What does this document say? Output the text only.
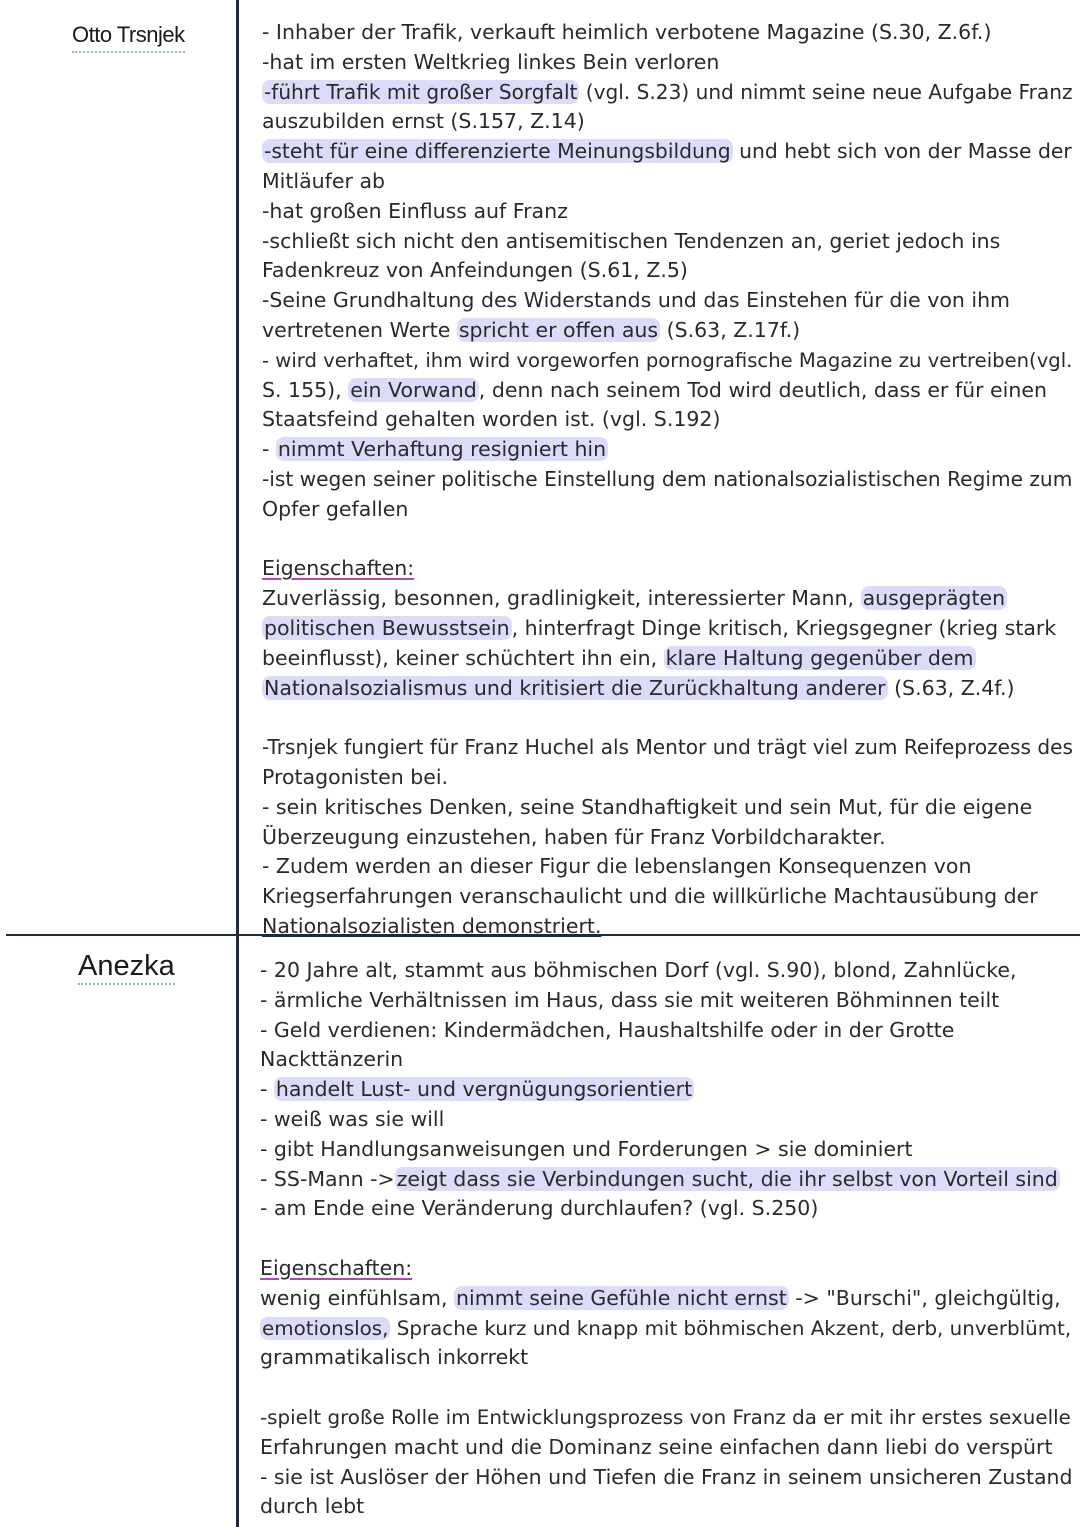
Otto Trsnjek
Anezka
- Inhaber der Trafik, verkauft heimlich verbotene Magazine (S.30, Z.6f.)
-hat im ersten Weltkrieg linkes Bein verloren
-führt Trafik mit großer Sorgfalt (vgl. S.23) und nimmt seine neue Aufgabe Franz
auszubilden ernst (S.157, Z.14)
-steht für eine differenzierte Meinungsbildung und hebt sich von der Masse der
Mitläufer ab
-hat großen Einfluss auf Franz
-schließt sich nicht den antisemitischen Tendenzen an, geriet jedoch ins
Fadenkreuz von Anfeindungen (S.61, Z.5)
-Seine Grundhaltung des Widerstands und das Einstehen für die von ihm
vertretenen Werte spricht er offen aus (S.63, Z.17f.)
- wird verhaftet, ihm wird vorgeworfen pornografische Magazine zu vertreiben(vgl.
S. 155), ein Vorwand, denn nach seinem Tod wird deutlich, dass er für einen
Staatsfeind gehalten worden ist. (vgl. S.192)
- nimmt Verhaftung resigniert hin
-ist wegen seiner politische Einstellung dem nationalsozialistischen Regime zum
Opfer gefallen
Eigenschaften:
Zuverlässig, besonnen, gradlinigkeit, interessierter Mann, ausgeprägten
politischen Bewusstsein, hinterfragt Dinge kritisch, Kriegsgegner (krieg stark
beeinflusst), keiner schüchtert ihn ein, klare Haltung gegenüber dem
Nationalsozialismus und kritisiert die Zurückhaltung anderer (S.63, Z.4f.)
-Trsnjek fungiert für Franz Huchel als Mentor und trägt viel zum Reifeprozess des
Protagonisten bei.
- sein kritisches Denken, seine Standhaftigkeit und sein Mut, für die eigene
Überzeugung einzustehen, haben für Franz Vorbildcharakter.
- Zudem werden an dieser Figur die lebenslangen Konsequenzen von
Kriegserfahrungen veranschaulicht und die willkürliche Machtausübung der
Nationalsozialisten demonstriert.
- 20 Jahre alt, stammt aus böhmischen Dorf (vgl. S.90), blond, Zahnlücke,
- ärmliche Verhältnissen im Haus, dass sie mit weiteren Böhminnen teilt
- Geld verdienen: Kindermädchen, Haushaltshilfe oder in der Grotte
Nackttänzerin
- handelt Lust- und vergnügungsorientiert
- weiß was sie will
- gibt Handlungsanweisungen und Forderungen > sie dominiert
- SS-Mann ->zeigt dass sie Verbindungen sucht, die ihr selbst von Vorteil sind
- am Ende eine Veränderung durchlaufen? (vgl. S.250)
Eigenschaften:
wenig einfühlsam, nimmt seine Gefühle nicht ernst -> "Burschi", gleichgültig,
emotionslos, Sprache kurz und knapp mit böhmischen Akzent, derb, unverblümt,
grammatikalisch inkorrekt
-spielt große Rolle im Entwicklungsprozess von Franz da er mit ihr erstes sexuelle
Erfahrungen macht und die Dominanz seine einfachen dann liebi do verspürt
- sie ist Auslöser der Höhen und Tiefen die Franz in seinem unsicheren Zustand
durch lebt
